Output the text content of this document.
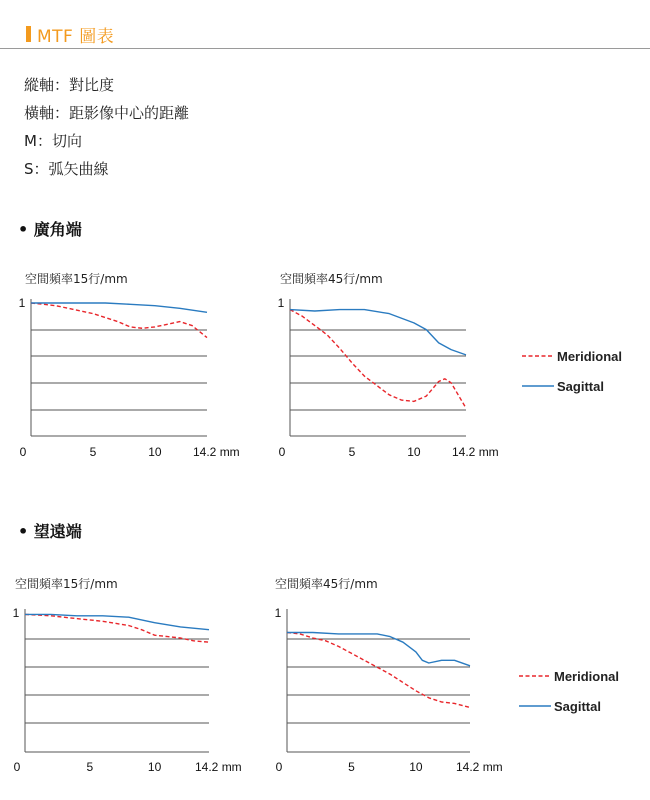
MTF 圖表
縱軸：對比度
橫軸：距影像中心的距離
M：切向
S：弧矢曲線
• 廣角端
• 望遠端
空間頻率15行/mm
1
0	5	10	14.2 mm
空間頻率45行/mm
1
0	5	10	14.2 mm
空間頻率15行/mm
1
0	5	10	14.2 mm
空間頻率45行/mm
1
0	5	10	14.2 mm
Meridional
Sagittal
Meridional
Sagittal
